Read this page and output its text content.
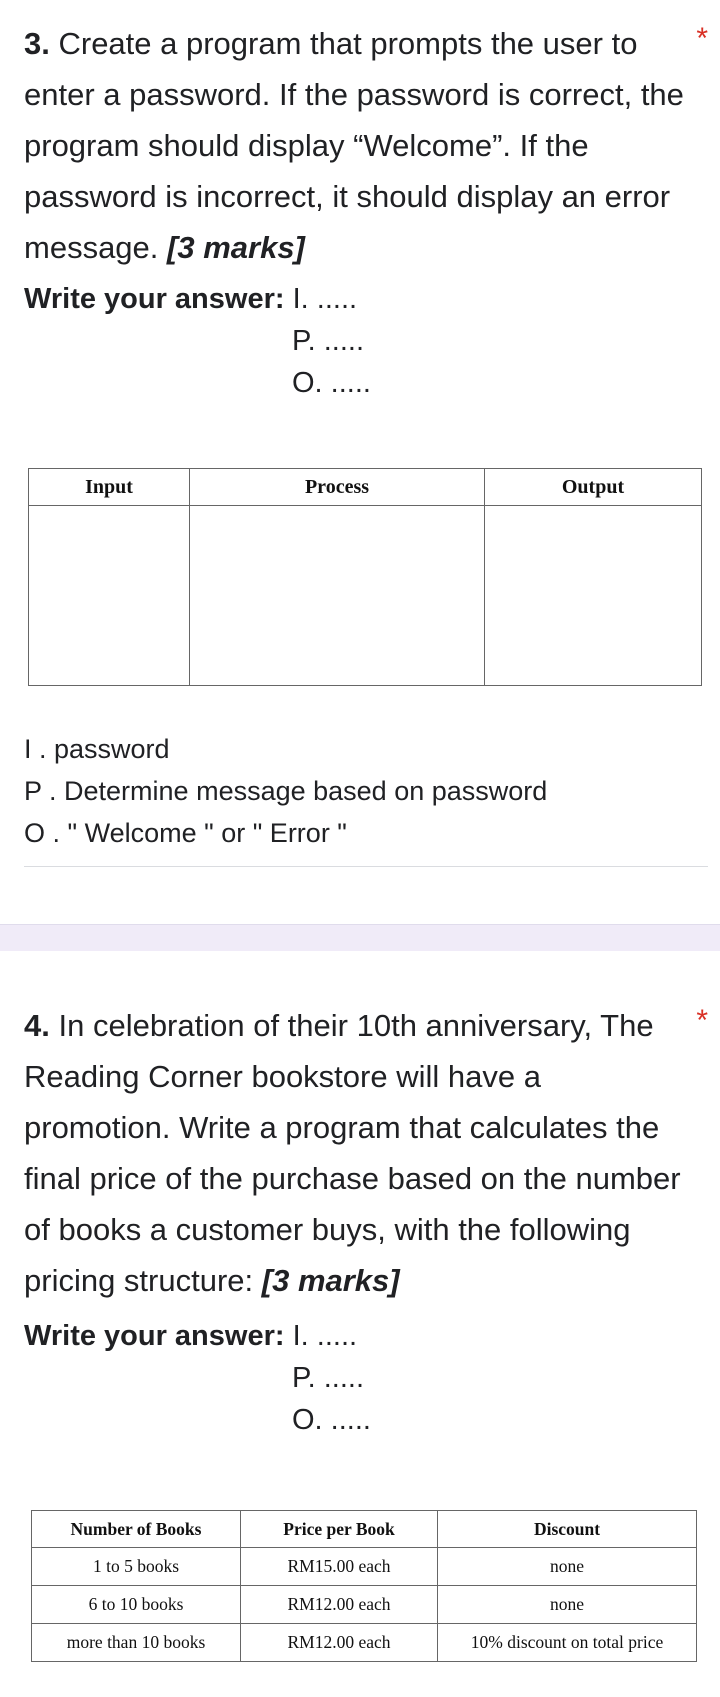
3. Create a program that prompts the user to enter a password. If the password is correct, the program should display “Welcome”. If the password is incorrect, it should display an error message. [3 marks]
*
Write your answer: I. .....
P. .....
O. .....
Input	Process	Output

I . password
P . Determine message based on password
O . " Welcome " or " Error "
4. In celebration of their 10th anniversary, The Reading Corner bookstore will have a promotion. Write a program that calculates the final price of the purchase based on the number of books a customer buys, with the following pricing structure: [3 marks]
*
Write your answer: I. .....
P. .....
O. .....
Number of Books	Price per Book	Discount
1 to 5 books	RM15.00 each	none
6 to 10 books	RM12.00 each	none
more than 10 books	RM12.00 each	10% discount on total price
